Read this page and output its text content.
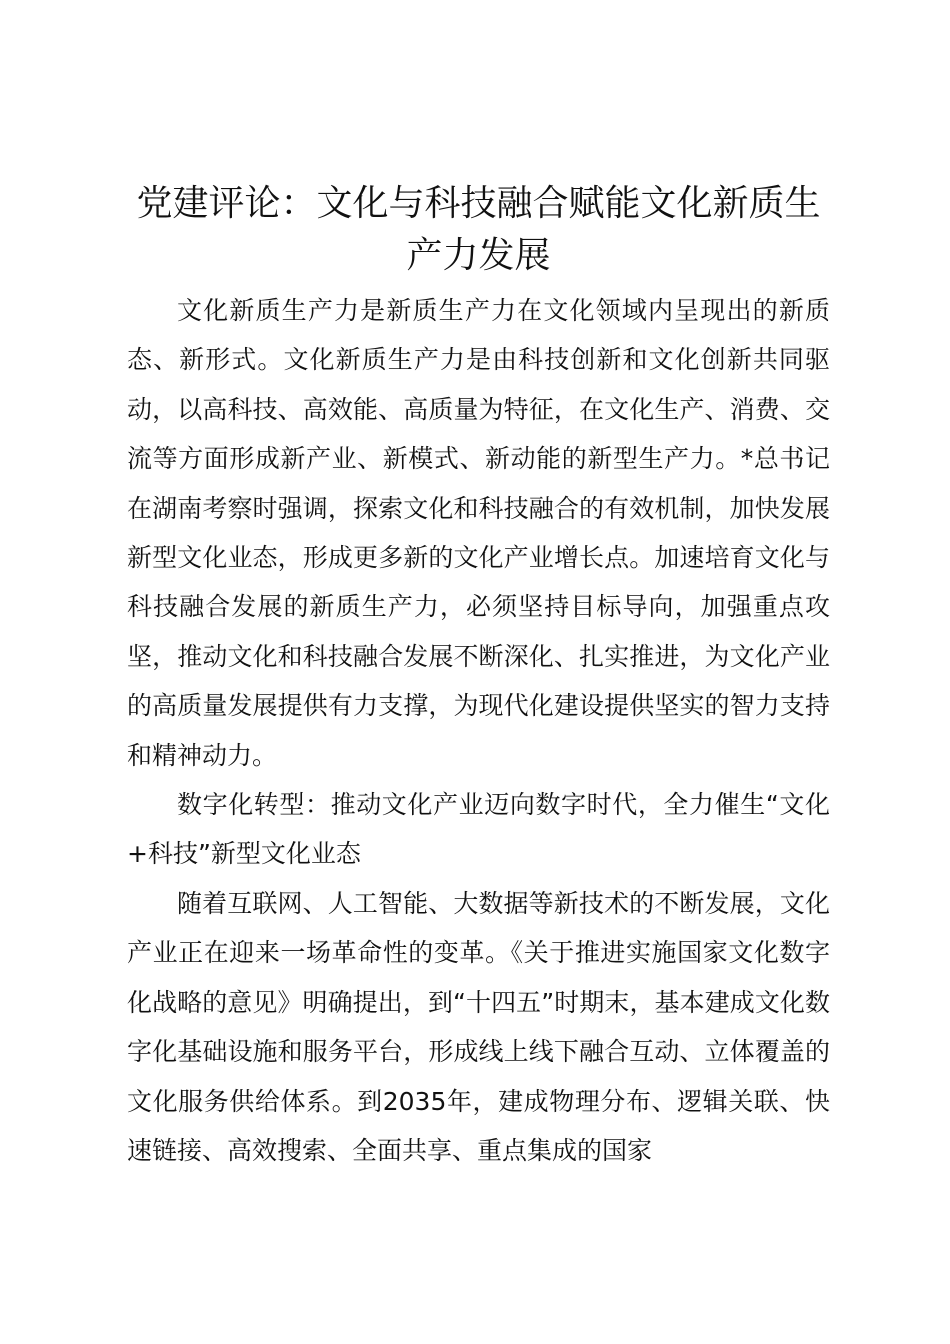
党建评论：文化与科技融合赋能文化新质生产力发展

文化新质生产力是新质生产力在文化领域内呈现出的新质态、新形式。文化新质生产力是由科技创新和文化创新共同驱动，以高科技、高效能、高质量为特征，在文化生产、消费、交流等方面形成新产业、新模式、新动能的新型生产力。*总书记在湖南考察时强调，探索文化和科技融合的有效机制，加快发展新型文化业态，形成更多新的文化产业增长点。加速培育文化与科技融合发展的新质生产力，必须坚持目标导向，加强重点攻坚，推动文化和科技融合发展不断深化、扎实推进，为文化产业的高质量发展提供有力支撑，为现代化建设提供坚实的智力支持和精神动力。

数字化转型：推动文化产业迈向数字时代，全力催生“文化+科技”新型文化业态

随着互联网、人工智能、大数据等新技术的不断发展，文化产业正在迎来一场革命性的变革。《关于推进实施国家文化数字化战略的意见》明确提出，到“十四五”时期末，基本建成文化数字化基础设施和服务平台，形成线上线下融合互动、立体覆盖的文化服务供给体系。到2035年，建成物理分布、逻辑关联、快速链接、高效搜索、全面共享、重点集成的国家
